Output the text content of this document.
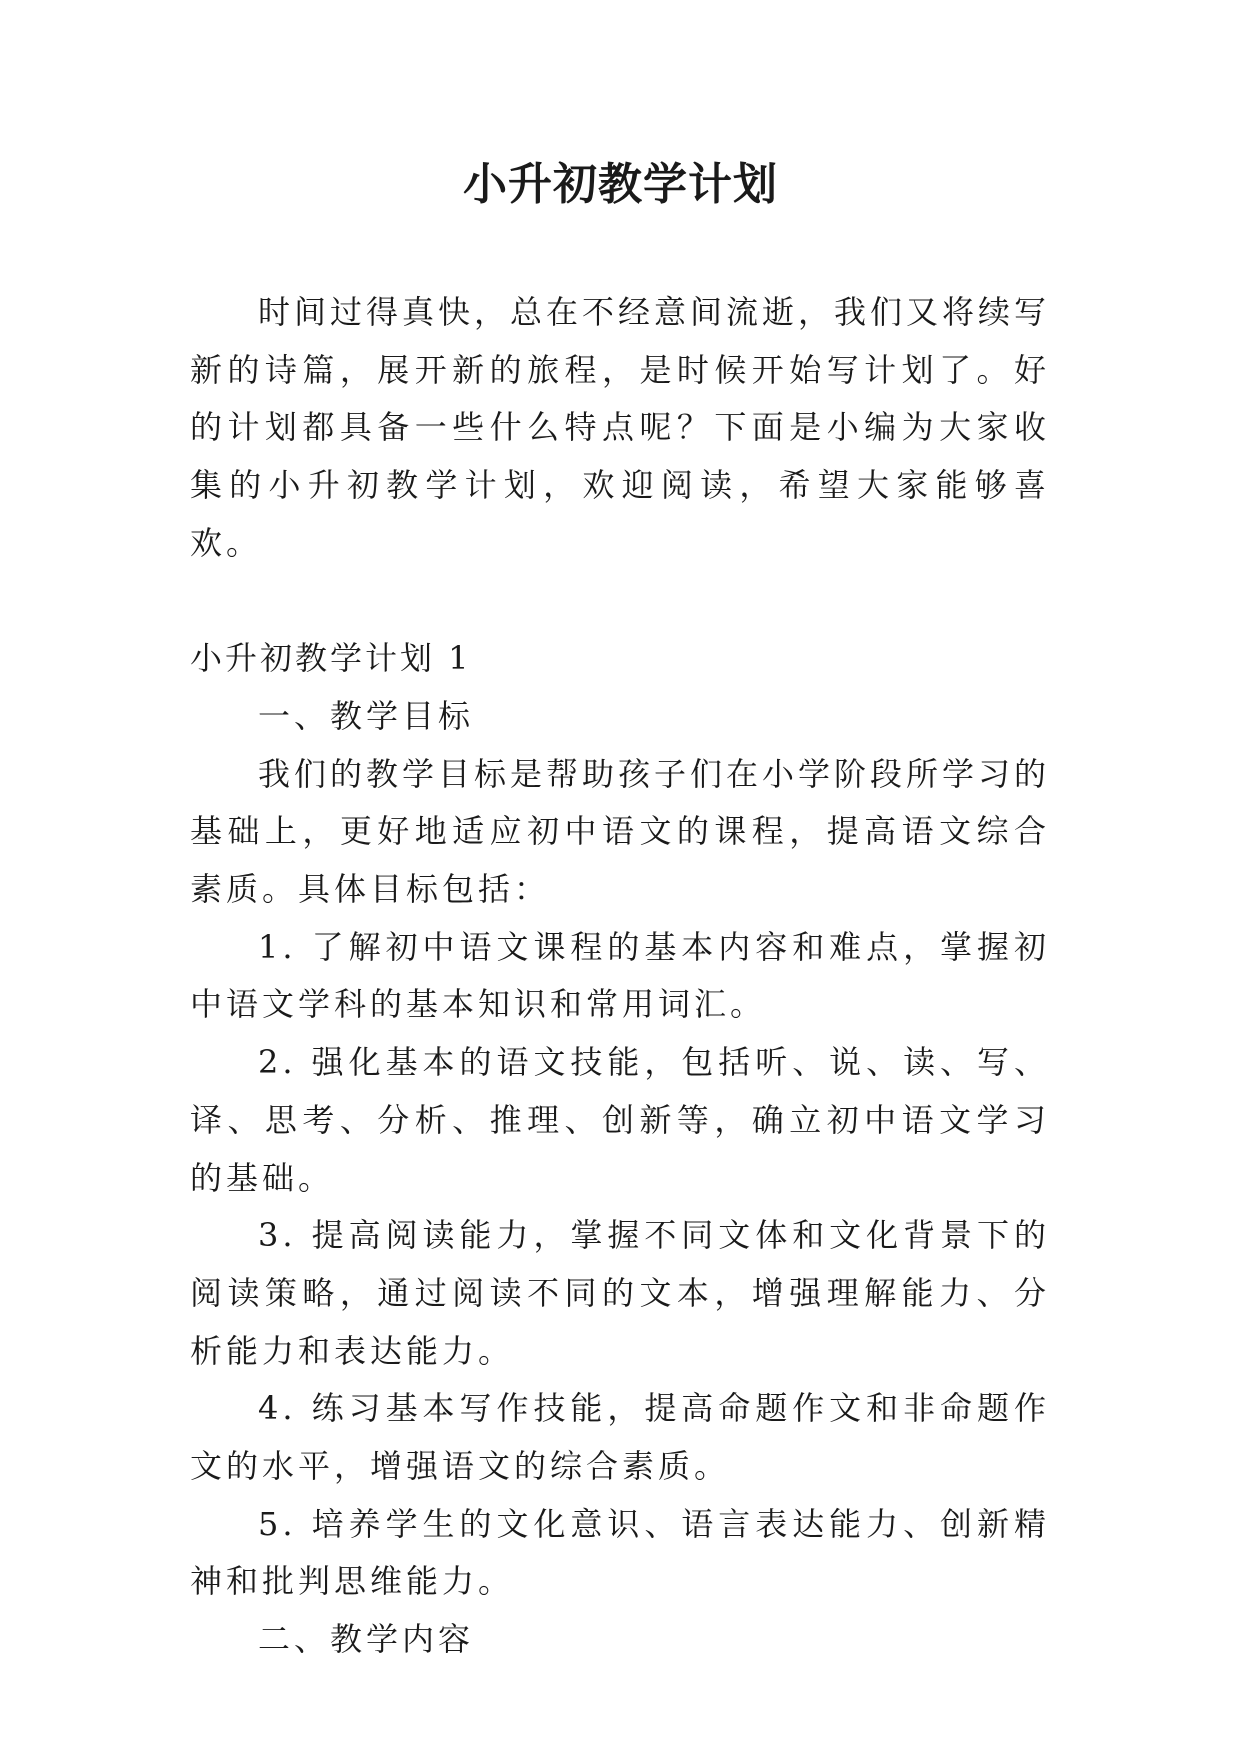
小升初教学计划

时间过得真快，总在不经意间流逝，我们又将续写新的诗篇，展开新的旅程，是时候开始写计划了。好的计划都具备一些什么特点呢？下面是小编为大家收集的小升初教学计划，欢迎阅读，希望大家能够喜欢。

小升初教学计划 1

一、教学目标

我们的教学目标是帮助孩子们在小学阶段所学习的基础上，更好地适应初中语文的课程，提高语文综合素质。具体目标包括：

1. 了解初中语文课程的基本内容和难点，掌握初中语文学科的基本知识和常用词汇。

2. 强化基本的语文技能，包括听、说、读、写、译、思考、分析、推理、创新等，确立初中语文学习的基础。

3. 提高阅读能力，掌握不同文体和文化背景下的阅读策略，通过阅读不同的文本，增强理解能力、分析能力和表达能力。

4. 练习基本写作技能，提高命题作文和非命题作文的水平，增强语文的综合素质。

5. 培养学生的文化意识、语言表达能力、创新精神和批判思维能力。

二、教学内容
